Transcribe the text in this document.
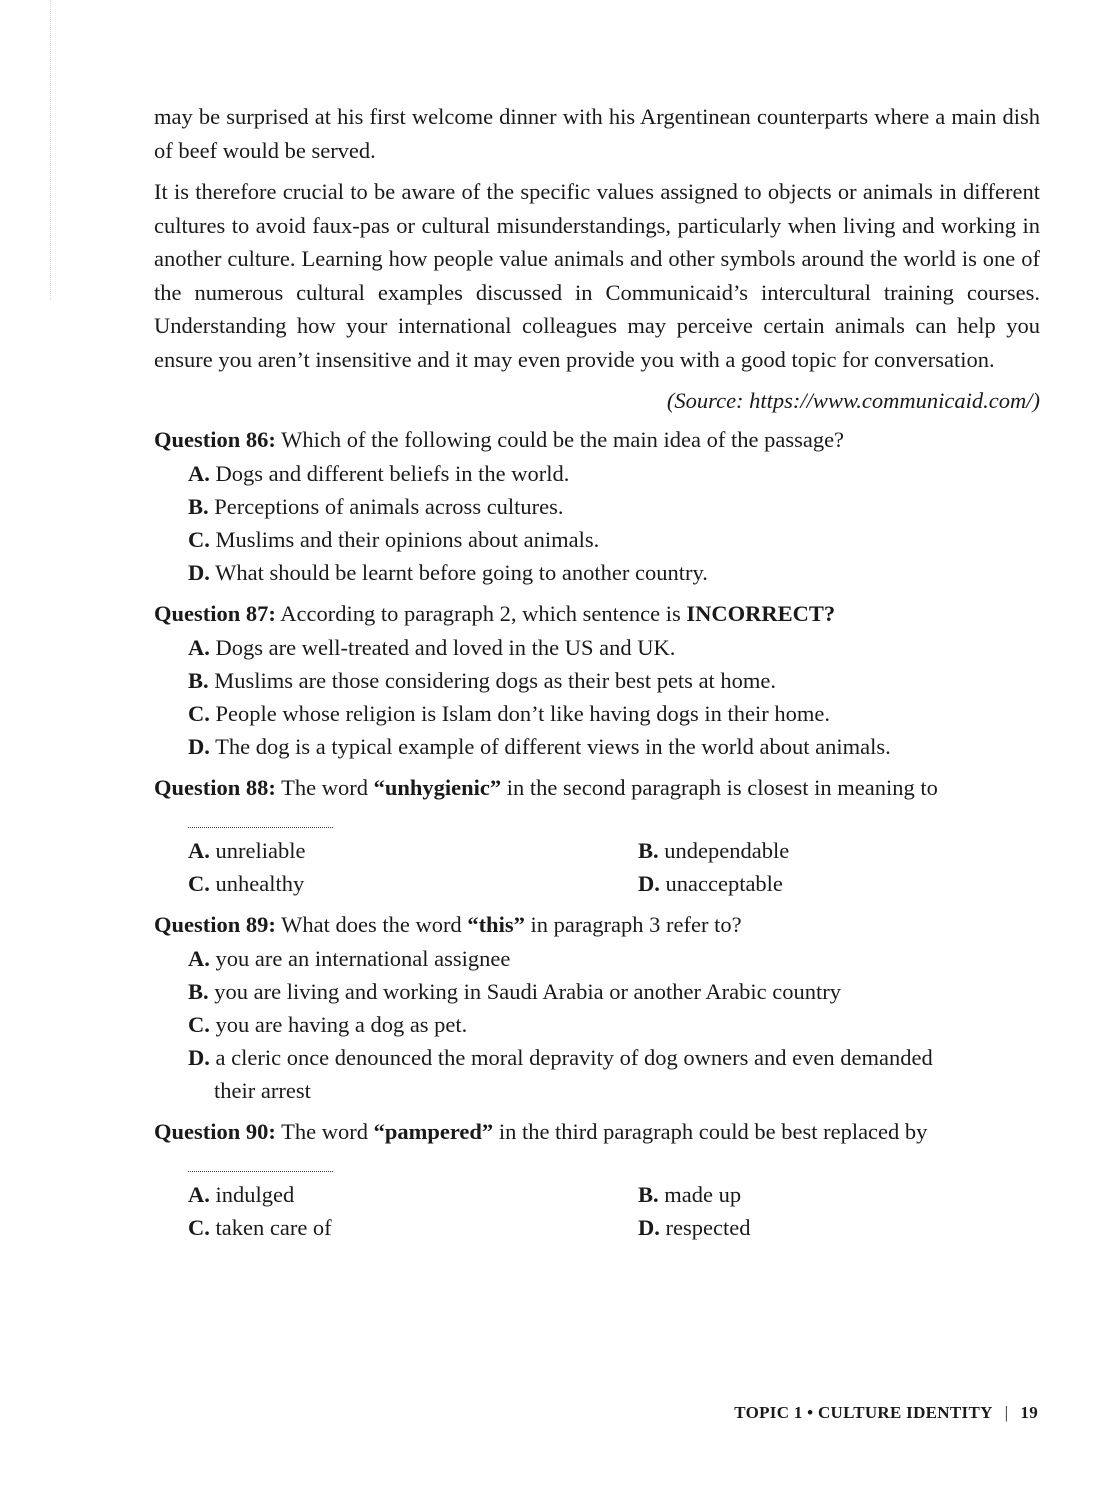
may be surprised at his first welcome dinner with his Argentinean counterparts where a main dish of beef would be served.

It is therefore crucial to be aware of the specific values assigned to objects or animals in different cultures to avoid faux-pas or cultural misunderstandings, particularly when living and working in another culture. Learning how people value animals and other symbols around the world is one of the numerous cultural examples discussed in Communicaid’s intercultural training courses. Understanding how your international colleagues may perceive certain animals can help you ensure you aren’t insensitive and it may even provide you with a good topic for conversation.

(Source: https://www.communicaid.com/)

Question 86: Which of the following could be the main idea of the passage?
A. Dogs and different beliefs in the world.
B. Perceptions of animals across cultures.
C. Muslims and their opinions about animals.
D. What should be learnt before going to another country.
Question 87: According to paragraph 2, which sentence is INCORRECT?
A. Dogs are well-treated and loved in the US and UK.
B. Muslims are those considering dogs as their best pets at home.
C. People whose religion is Islam don’t like having dogs in their home.
D. The dog is a typical example of different views in the world about animals.
Question 88: The word “unhygienic” in the second paragraph is closest in meaning to
A. unreliable	B. undependable
C. unhealthy	D. unacceptable
Question 89: What does the word “this” in paragraph 3 refer to?
A. you are an international assignee
B. you are living and working in Saudi Arabia or another Arabic country
C. you are having a dog as pet.
D. a cleric once denounced the moral depravity of dog owners and even demanded
their arrest
Question 90: The word “pampered” in the third paragraph could be best replaced by
A. indulged	B. made up
C. taken care of	D. respected
TOPIC 1 • CULTURE IDENTITY | 19
